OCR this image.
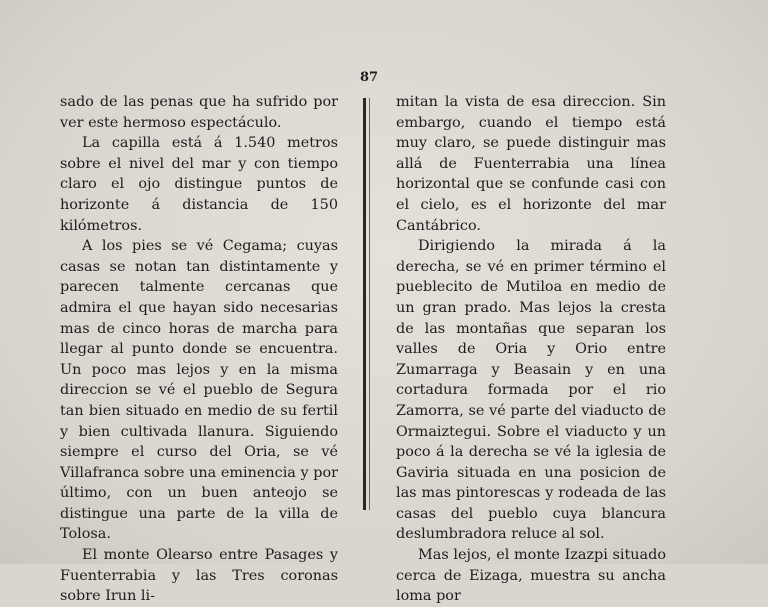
87

sado de las penas que ha sufrido por ver este hermoso espectáculo.

La capilla está á 1.540 metros sobre el nivel del mar y con tiempo claro el ojo distingue puntos de horizonte á distancia de 150 kilómetros.

A los pies se vé Cegama; cuyas casas se notan tan distintamente y parecen talmente cercanas que admira el que hayan sido necesarias mas de cinco horas de marcha para llegar al punto donde se encuentra. Un poco mas lejos y en la misma direccion se vé el pueblo de Segura tan bien situado en medio de su fertil y bien cultivada llanura. Siguiendo siempre el curso del Oria, se vé Villafranca sobre una eminencia y por último, con un buen anteojo se distingue una parte de la villa de Tolosa.

El monte Olearso entre Pasages y Fuenterrabia y las Tres coronas sobre Irun li-

mitan la vista de esa direccion. Sin embargo, cuando el tiempo está muy claro, se puede distinguir mas allá de Fuenterrabia una línea horizontal que se confunde casi con el cielo, es el horizonte del mar Cantábrico.

Dirigiendo la mirada á la derecha, se vé en primer término el pueblecito de Mutiloa en medio de un gran prado. Mas lejos la cresta de las montañas que separan los valles de Oria y Orio entre Zumarraga y Beasain y en una cortadura formada por el rio Zamorra, se vé parte del viaducto de Ormaiztegui. Sobre el viaducto y un poco á la derecha se vé la iglesia de Gaviria situada en una posicion de las mas pintorescas y rodeada de las casas del pueblo cuya blancura deslumbradora reluce al sol.

Mas lejos, el monte Izazpi situado cerca de Eizaga, muestra su ancha loma por
